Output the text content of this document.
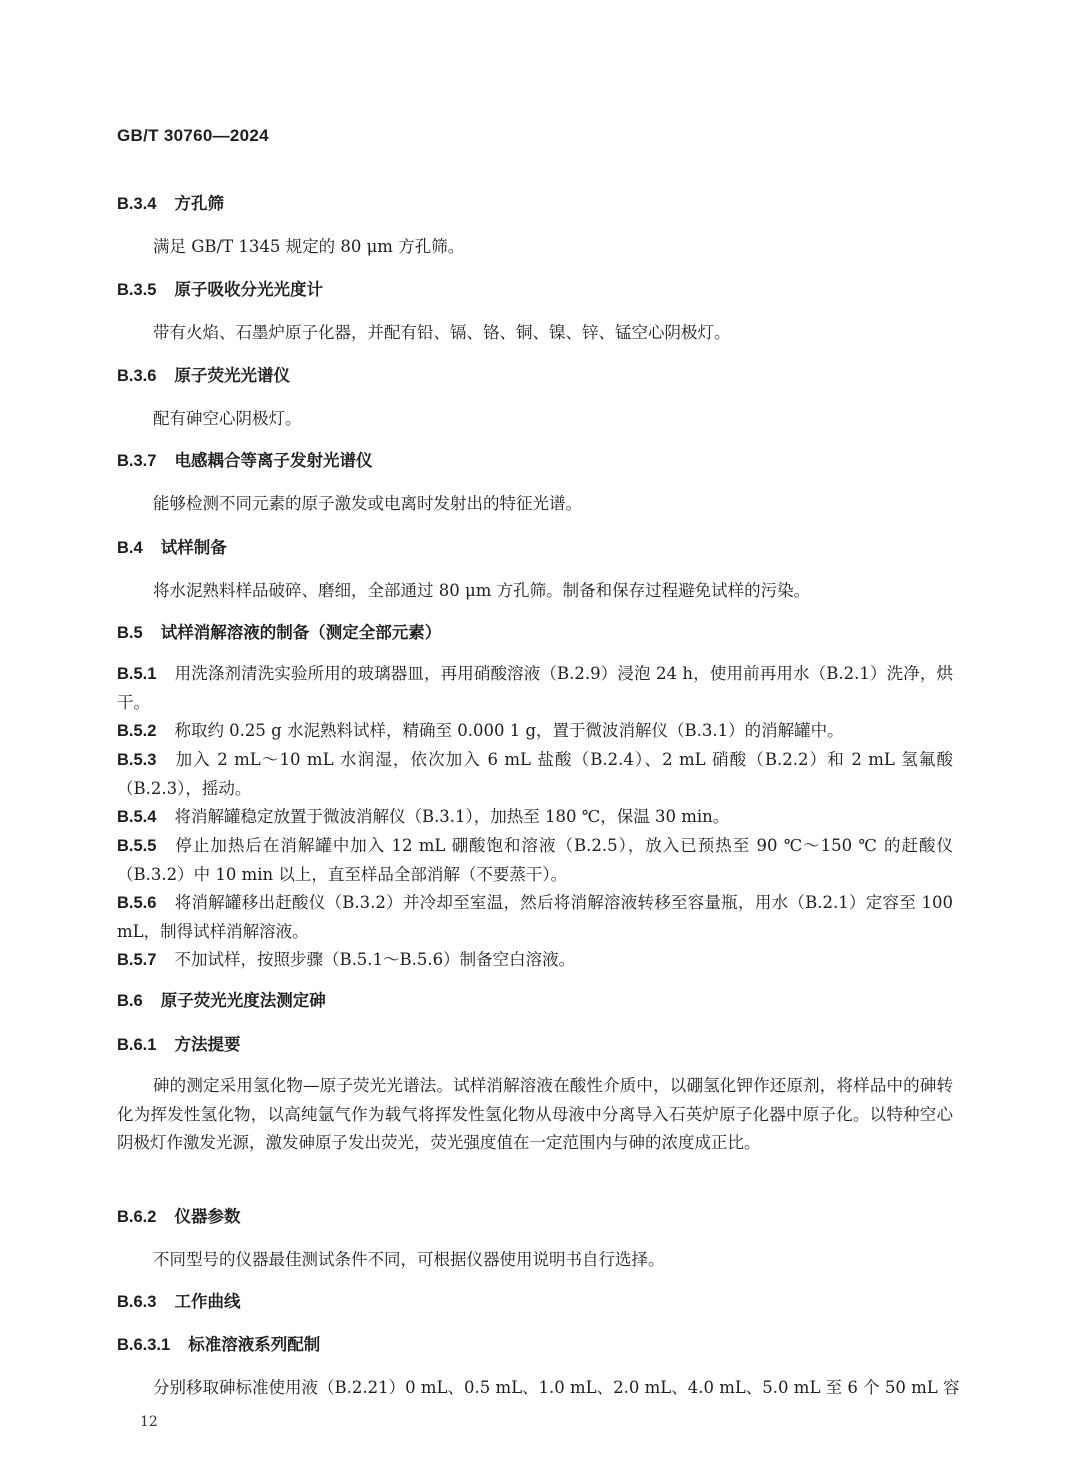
GB/T 30760—2024
B.3.4 方孔筛
满足 GB/T 1345 规定的 80 μm 方孔筛。
B.3.5 原子吸收分光光度计
带有火焰、石墨炉原子化器，并配有铅、镉、铬、铜、镍、锌、锰空心阴极灯。
B.3.6 原子荧光光谱仪
配有砷空心阴极灯。
B.3.7 电感耦合等离子发射光谱仪
能够检测不同元素的原子激发或电离时发射出的特征光谱。
B.4 试样制备
将水泥熟料样品破碎、磨细，全部通过 80 μm 方孔筛。制备和保存过程避免试样的污染。
B.5 试样消解溶液的制备（测定全部元素）
B.5.1 用洗涤剂清洗实验所用的玻璃器皿，再用硝酸溶液（B.2.9）浸泡 24 h，使用前再用水（B.2.1）洗净，烘干。
B.5.2 称取约 0.25 g 水泥熟料试样，精确至 0.000 1 g，置于微波消解仪（B.3.1）的消解罐中。
B.5.3 加入 2 mL～10 mL 水润湿，依次加入 6 mL 盐酸（B.2.4）、2 mL 硝酸（B.2.2）和 2 mL 氢氟酸（B.2.3），摇动。
B.5.4 将消解罐稳定放置于微波消解仪（B.3.1），加热至 180 ℃，保温 30 min。
B.5.5 停止加热后在消解罐中加入 12 mL 硼酸饱和溶液（B.2.5），放入已预热至 90 ℃～150 ℃ 的赶酸仪（B.3.2）中 10 min 以上，直至样品全部消解（不要蒸干）。
B.5.6 将消解罐移出赶酸仪（B.3.2）并冷却至室温，然后将消解溶液转移至容量瓶，用水（B.2.1）定容至 100 mL，制得试样消解溶液。
B.5.7 不加试样，按照步骤（B.5.1～B.5.6）制备空白溶液。
B.6 原子荧光光度法测定砷
B.6.1 方法提要
砷的测定采用氢化物—原子荧光光谱法。试样消解溶液在酸性介质中，以硼氢化钾作还原剂，将样品中的砷转化为挥发性氢化物，以高纯氩气作为载气将挥发性氢化物从母液中分离导入石英炉原子化器中原子化。以特种空心阴极灯作激发光源，激发砷原子发出荧光，荧光强度值在一定范围内与砷的浓度成正比。
B.6.2 仪器参数
不同型号的仪器最佳测试条件不同，可根据仪器使用说明书自行选择。
B.6.3 工作曲线
B.6.3.1 标准溶液系列配制
分别移取砷标准使用液（B.2.21）0 mL、0.5 mL、1.0 mL、2.0 mL、4.0 mL、5.0 mL 至 6 个 50 mL 容
12
